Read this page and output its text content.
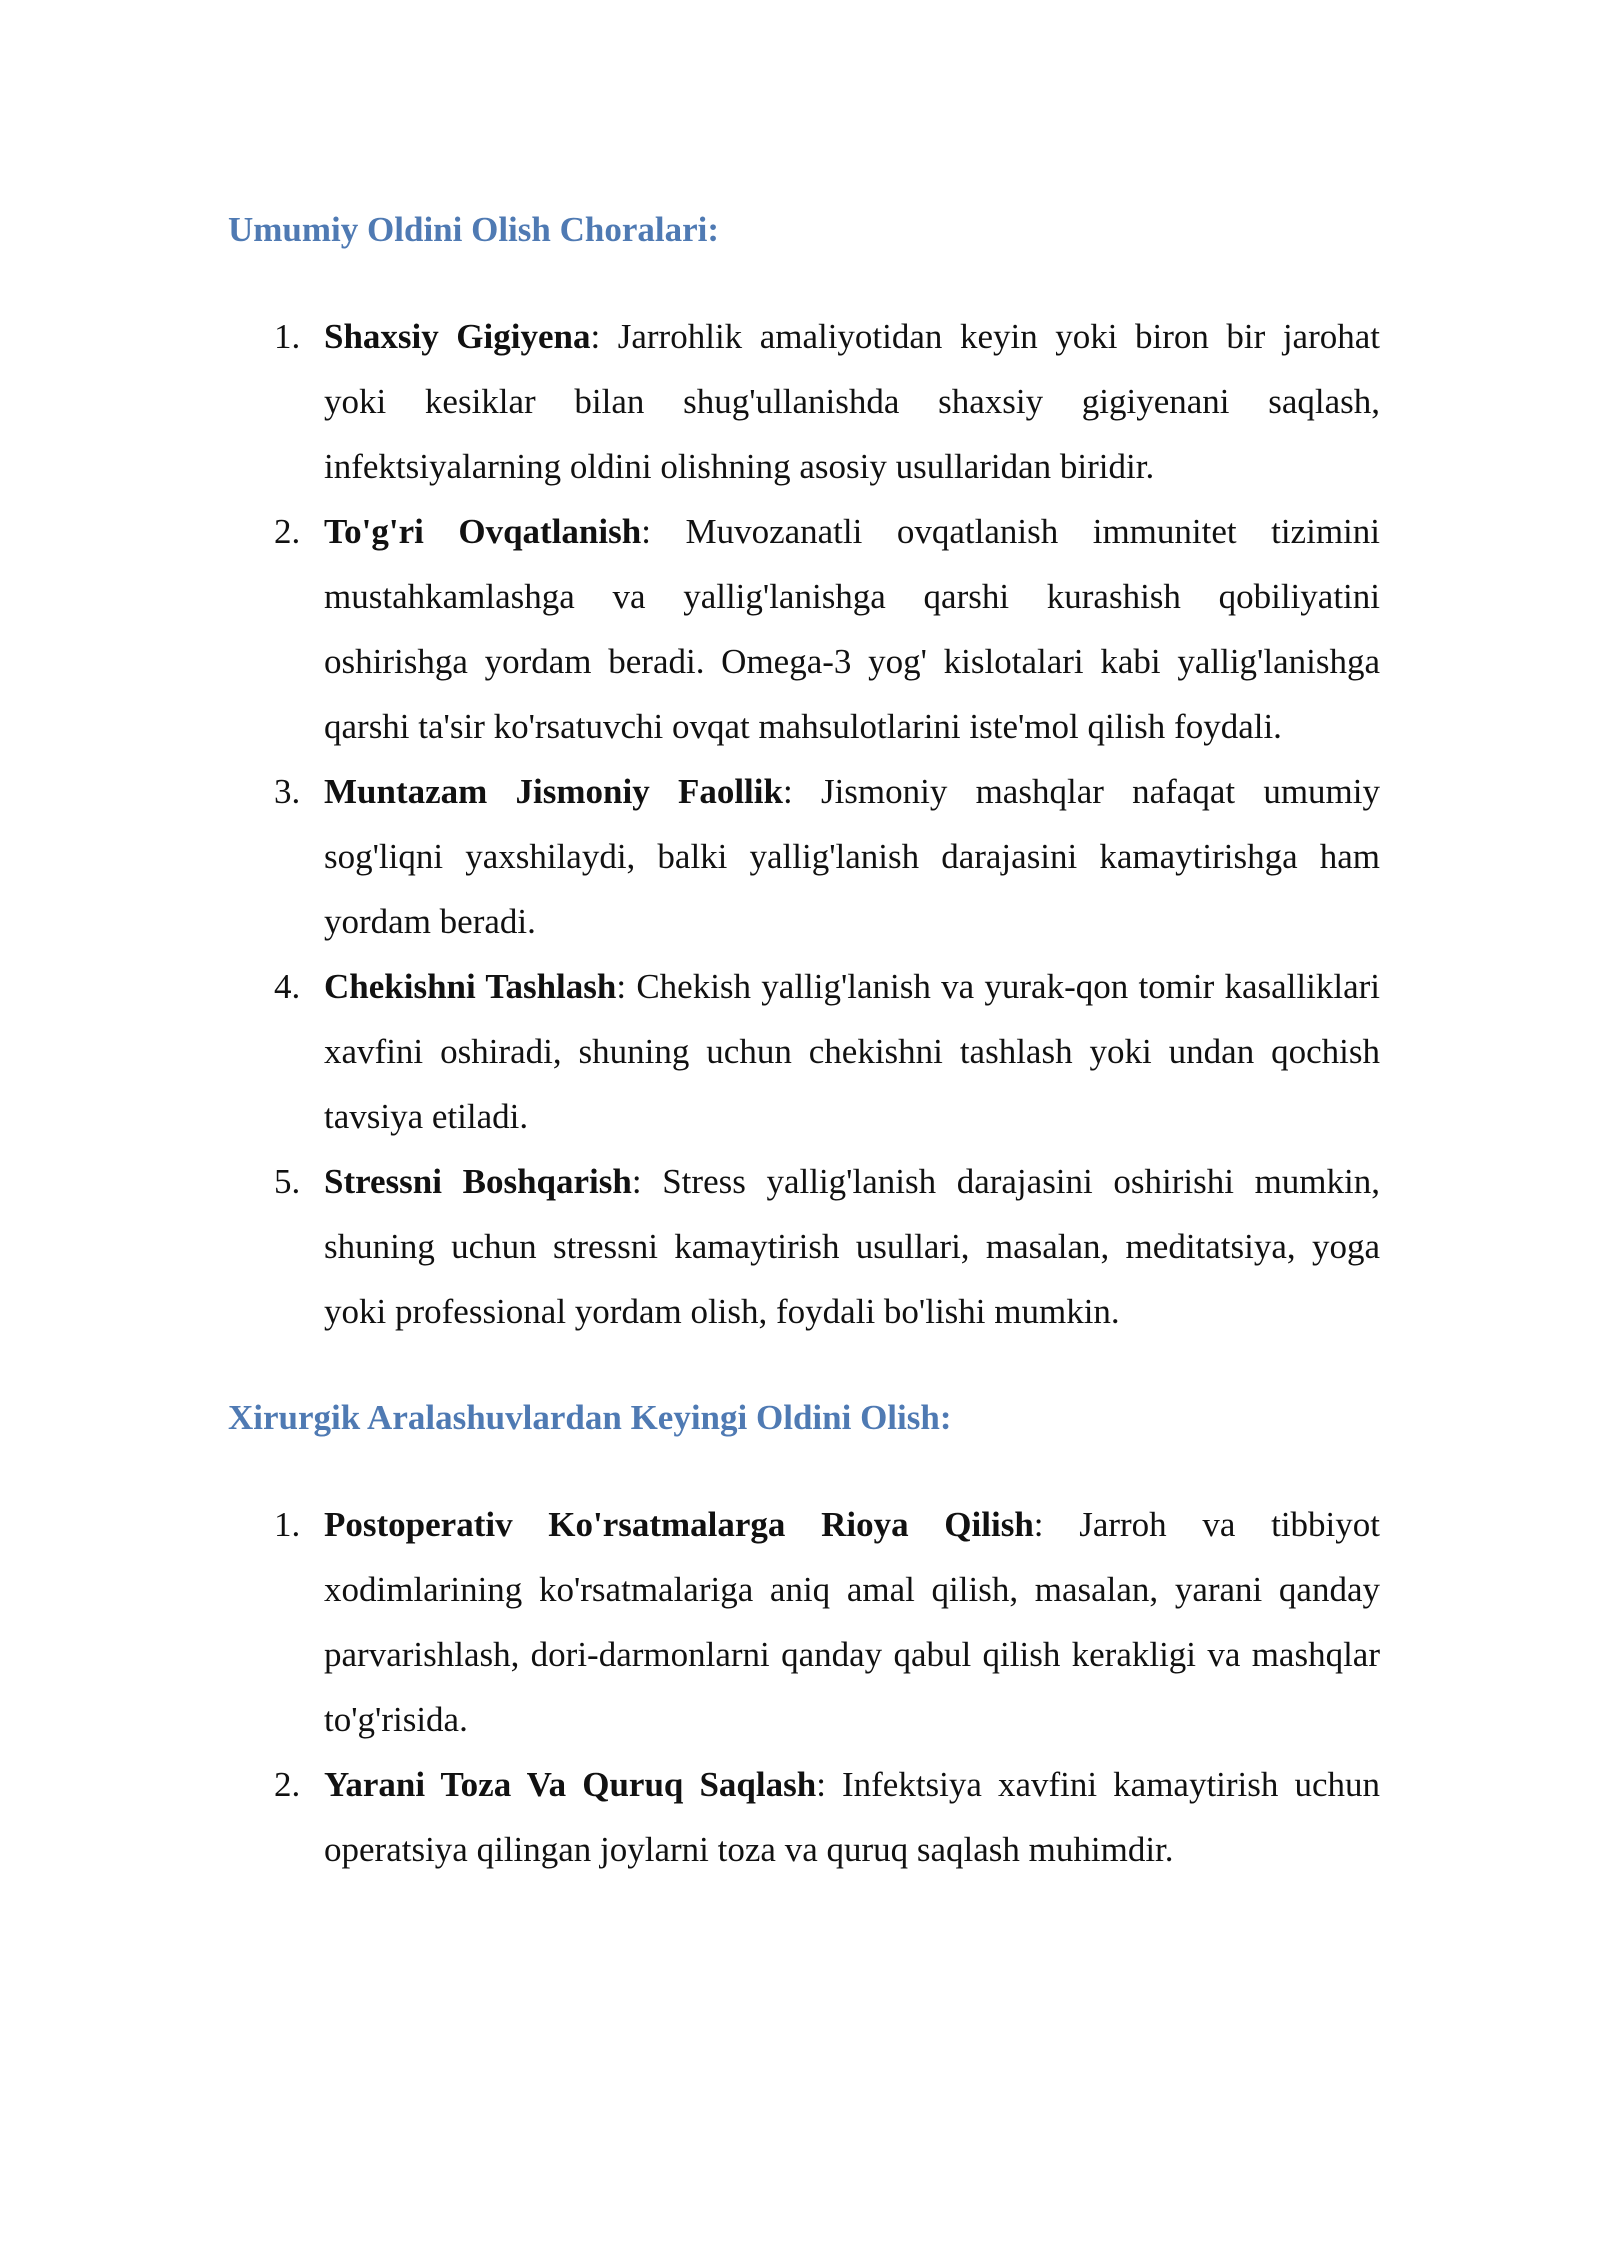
Umumiy Oldini Olish Choralari:
1. Shaxsiy Gigiyena: Jarrohlik amaliyotidan keyin yoki biron bir jarohat yoki kesiklar bilan shug'ullanishda shaxsiy gigiyenani saqlash, infektsiyalarning oldini olishning asosiy usullaridan biridir.
2. To'g'ri Ovqatlanish: Muvozanatli ovqatlanish immunitet tizimini mustahkamlashga va yallig'lanishga qarshi kurashish qobiliyatini oshirishga yordam beradi. Omega-3 yog' kislotalari kabi yallig'lanishga qarshi ta'sir ko'rsatuvchi ovqat mahsulotlarini iste'mol qilish foydali.
3. Muntazam Jismoniy Faollik: Jismoniy mashqlar nafaqat umumiy sog'liqni yaxshilaydi, balki yallig'lanish darajasini kamaytirishga ham yordam beradi.
4. Chekishni Tashlash: Chekish yallig'lanish va yurak-qon tomir kasalliklari xavfini oshiradi, shuning uchun chekishni tashlash yoki undan qochish tavsiya etiladi.
5. Stressni Boshqarish: Stress yallig'lanish darajasini oshirishi mumkin, shuning uchun stressni kamaytirish usullari, masalan, meditatsiya, yoga yoki professional yordam olish, foydali bo'lishi mumkin.
Xirurgik Aralashuvlardan Keyingi Oldini Olish:
1. Postoperativ Ko'rsatmalarga Rioya Qilish: Jarroh va tibbiyot xodimlarining ko'rsatmalariga aniq amal qilish, masalan, yarani qanday parvarishlash, dori-darmonlarni qanday qabul qilish kerakligi va mashqlar to'g'risida.
2. Yarani Toza Va Quruq Saqlash: Infektsiya xavfini kamaytirish uchun operatsiya qilingan joylarni toza va quruq saqlash muhimdir.
